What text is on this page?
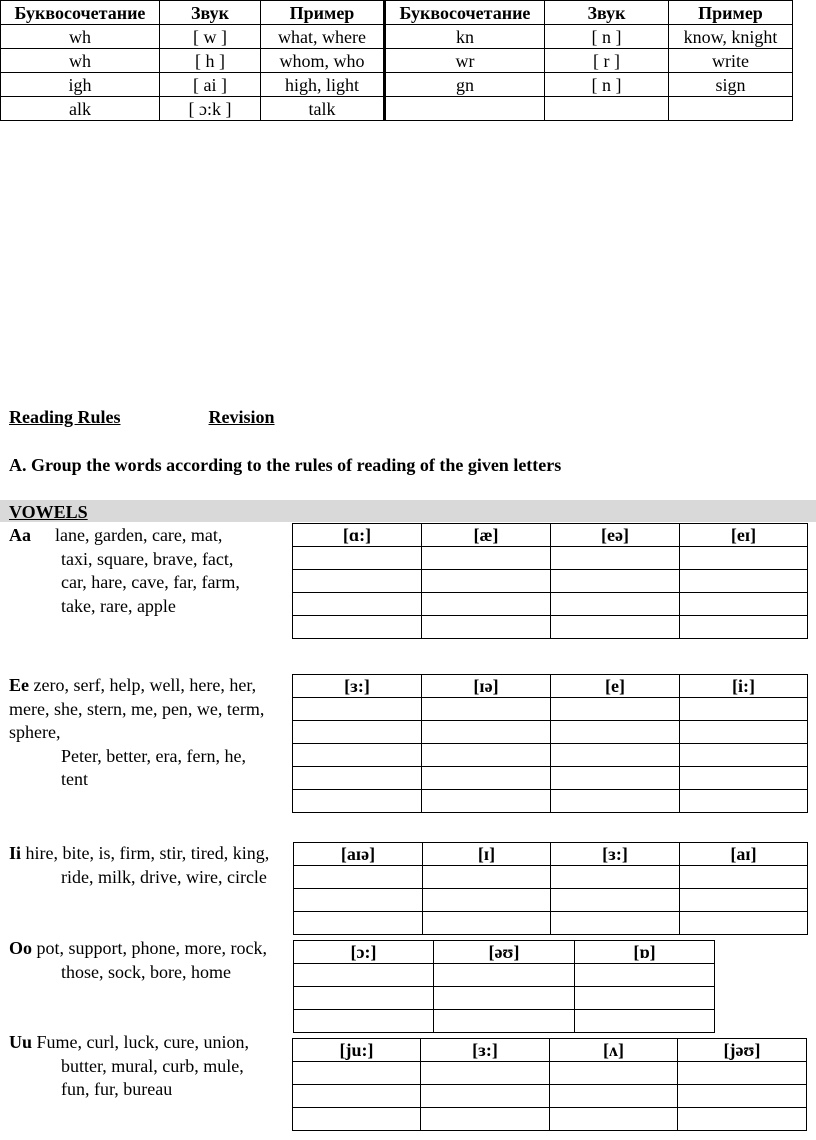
Буквосочетание	Звук	Пример	Буквосочетание	Звук	Пример
wh	[ w ]	what, where	kn	[ n ]	know, knight
wh	[ h ]	whom, who	wr	[ r ]	write
igh	[ ai ]	high, light	gn	[ n ]	sign
alk	[ ɔ:k ]	talk			
Reading Rules	Revision
A. Group the words according to the rules of reading of the given letters
VOWELS
Aa lane, garden, care, mat,
taxi, square, brave, fact,
car, hare, cave, far, farm,
take, rare, apple
[ɑ:]	[æ]	[eə]	[eɪ]

Ee zero, serf, help, well, here, her,
mere, she, stern, me, pen, we, term,
sphere,
Peter, better, era, fern, he,
tent
[ɜ:]	[ɪə]	[e]	[i:]

Ii hire, bite, is, firm, stir, tired, king,
ride, milk, drive, wire, circle
[aɪə]	[ɪ]	[ɜ:]	[aɪ]

Oo pot, support, phone, more, rock,
those, sock, bore, home
[ɔ:]	[əʊ]	[ɒ]

Uu Fume, curl, luck, cure, union,
butter, mural, curb, mule,
fun, fur, bureau
[ju:]	[ɜ:]	[ʌ]	[jəʊ]
